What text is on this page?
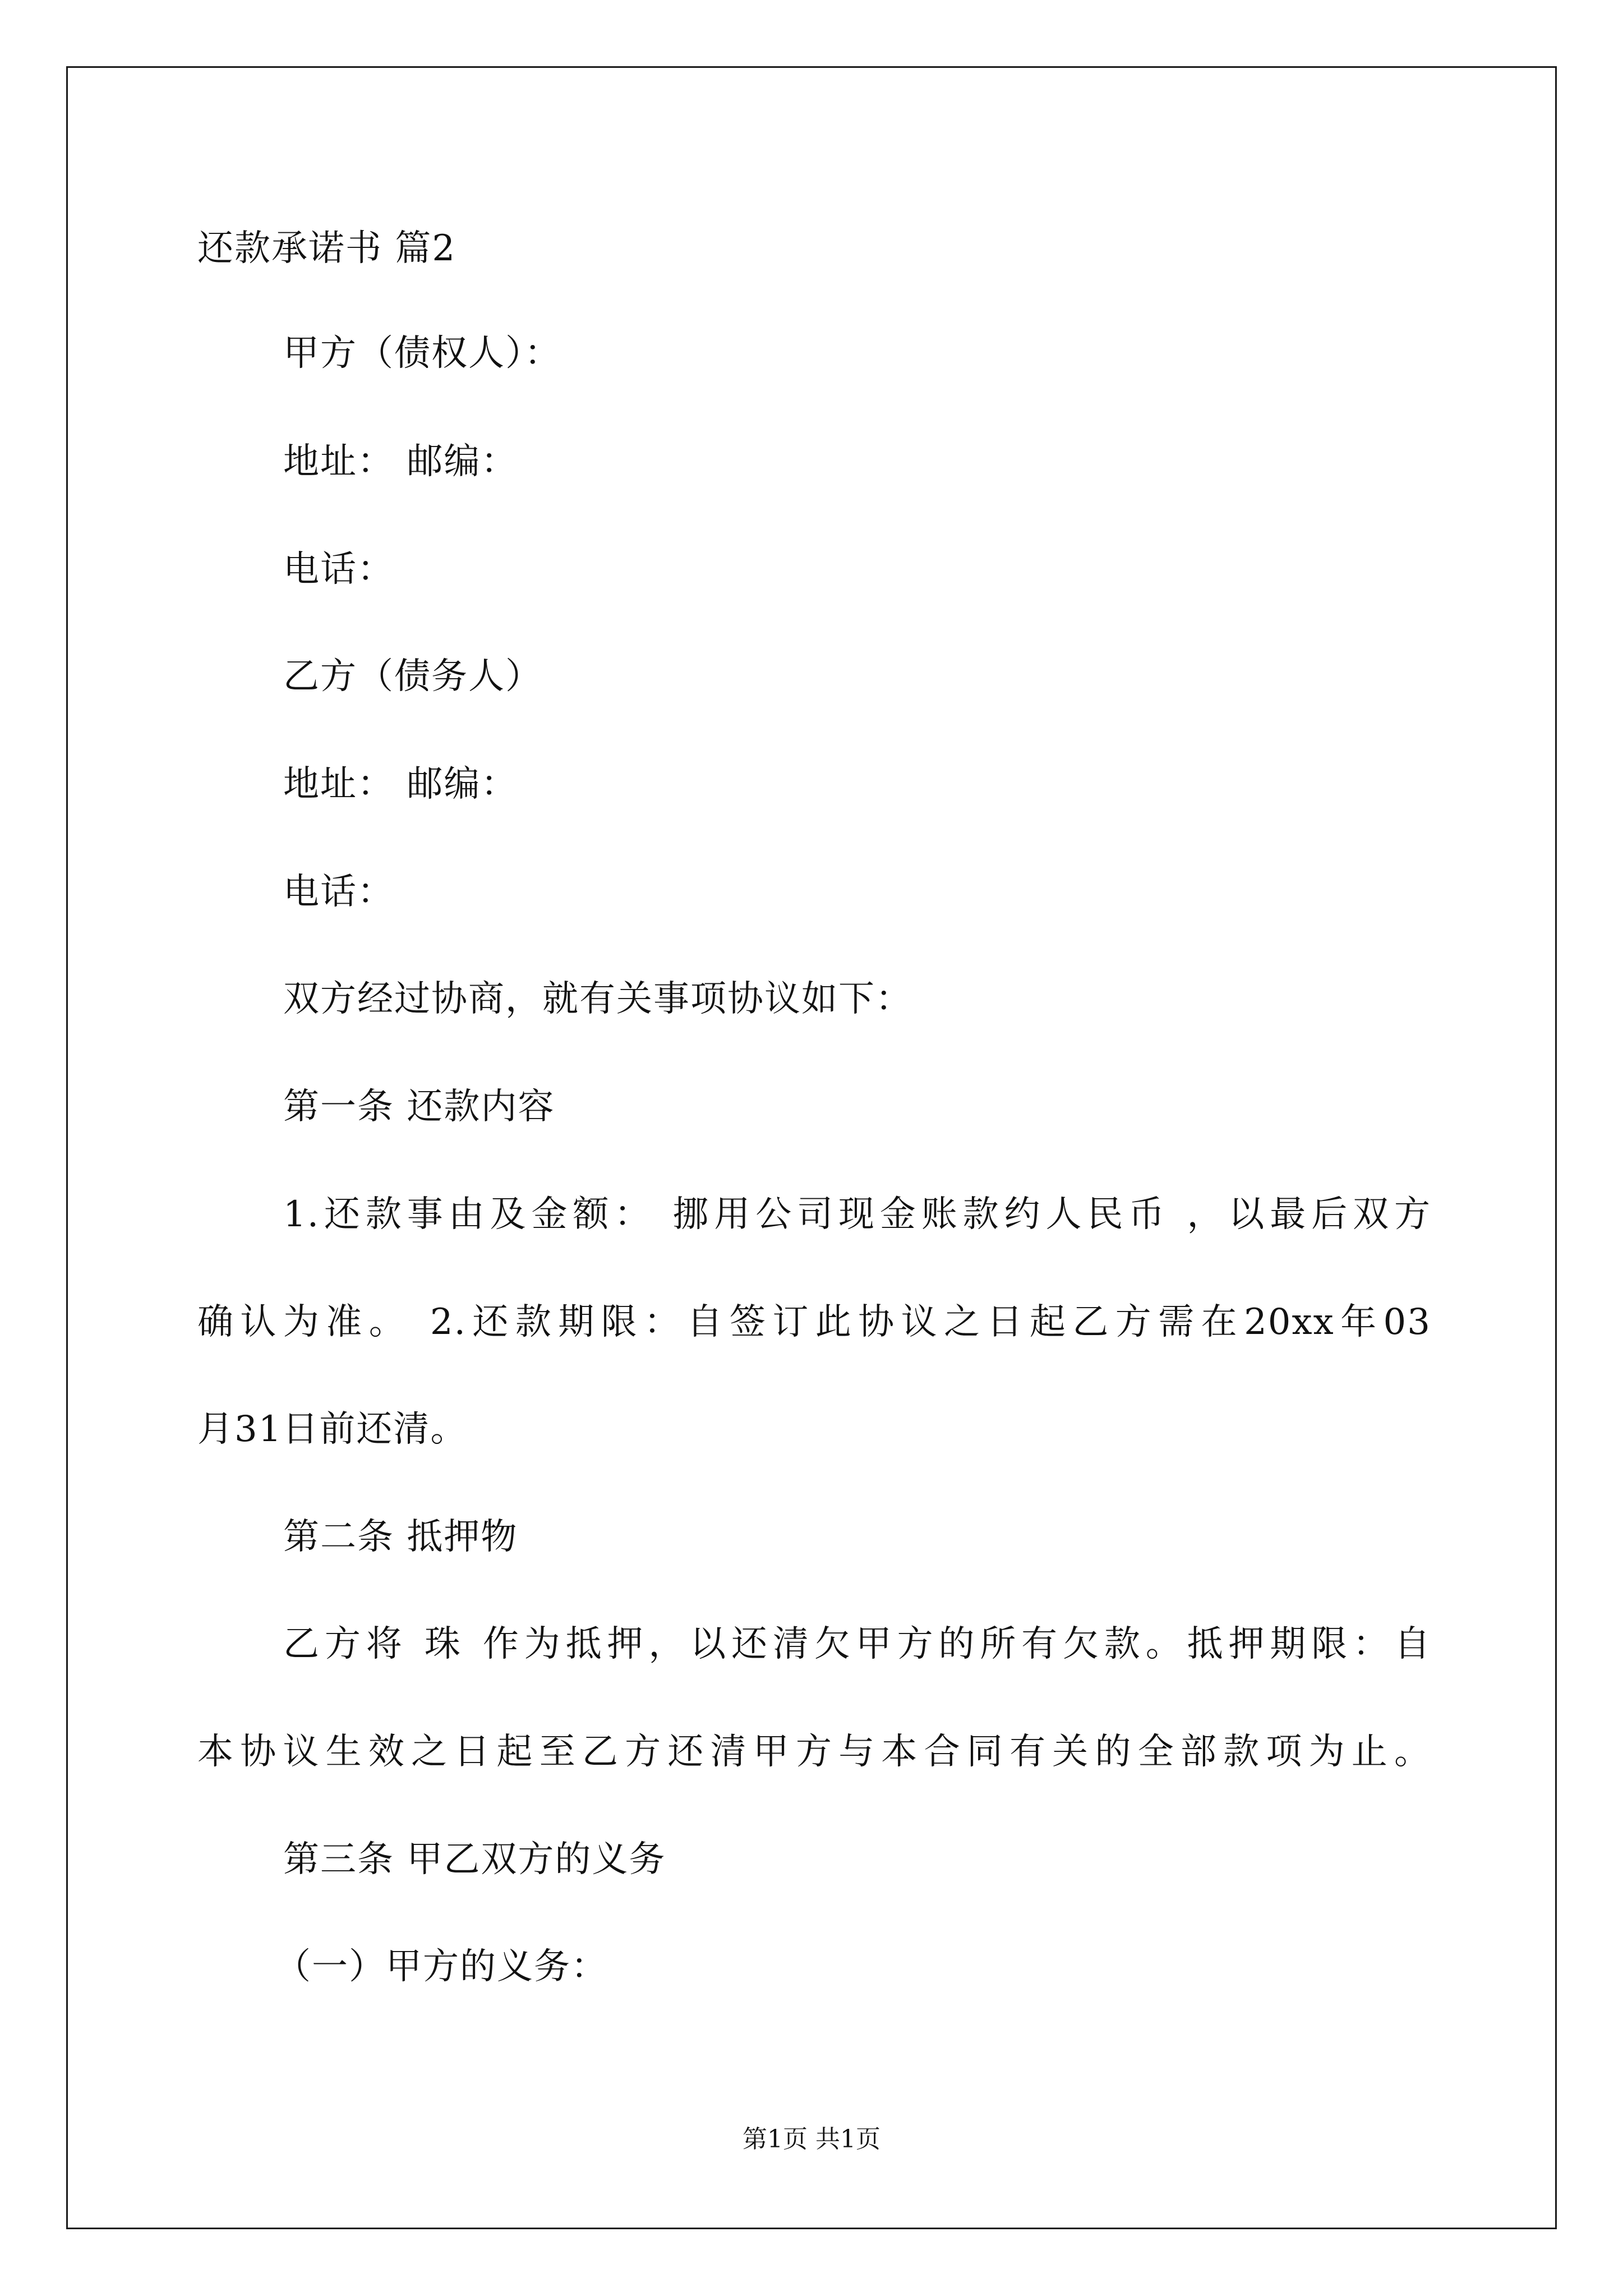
还款承诺书 篇2
甲方（债权人）：
地址： 邮编：
电话：
乙方（债务人）
地址： 邮编：
电话：
双方经过协商，就有关事项协议如下：
第一条 还款内容
1.还款事由及金额： 挪用公司现金账款约人民币 ，以最后双方
确认为准。 2.还款期限：自签订此协议之日起乙方需在20xx年03
月31日前还清。
第二条 抵押物
乙方将 珠 作为抵押，以还清欠甲方的所有欠款。抵押期限：自
本协议生效之日起至乙方还清甲方与本合同有关的全部款项为止。
第三条 甲乙双方的义务
（一）甲方的义务：
第1页 共1页
